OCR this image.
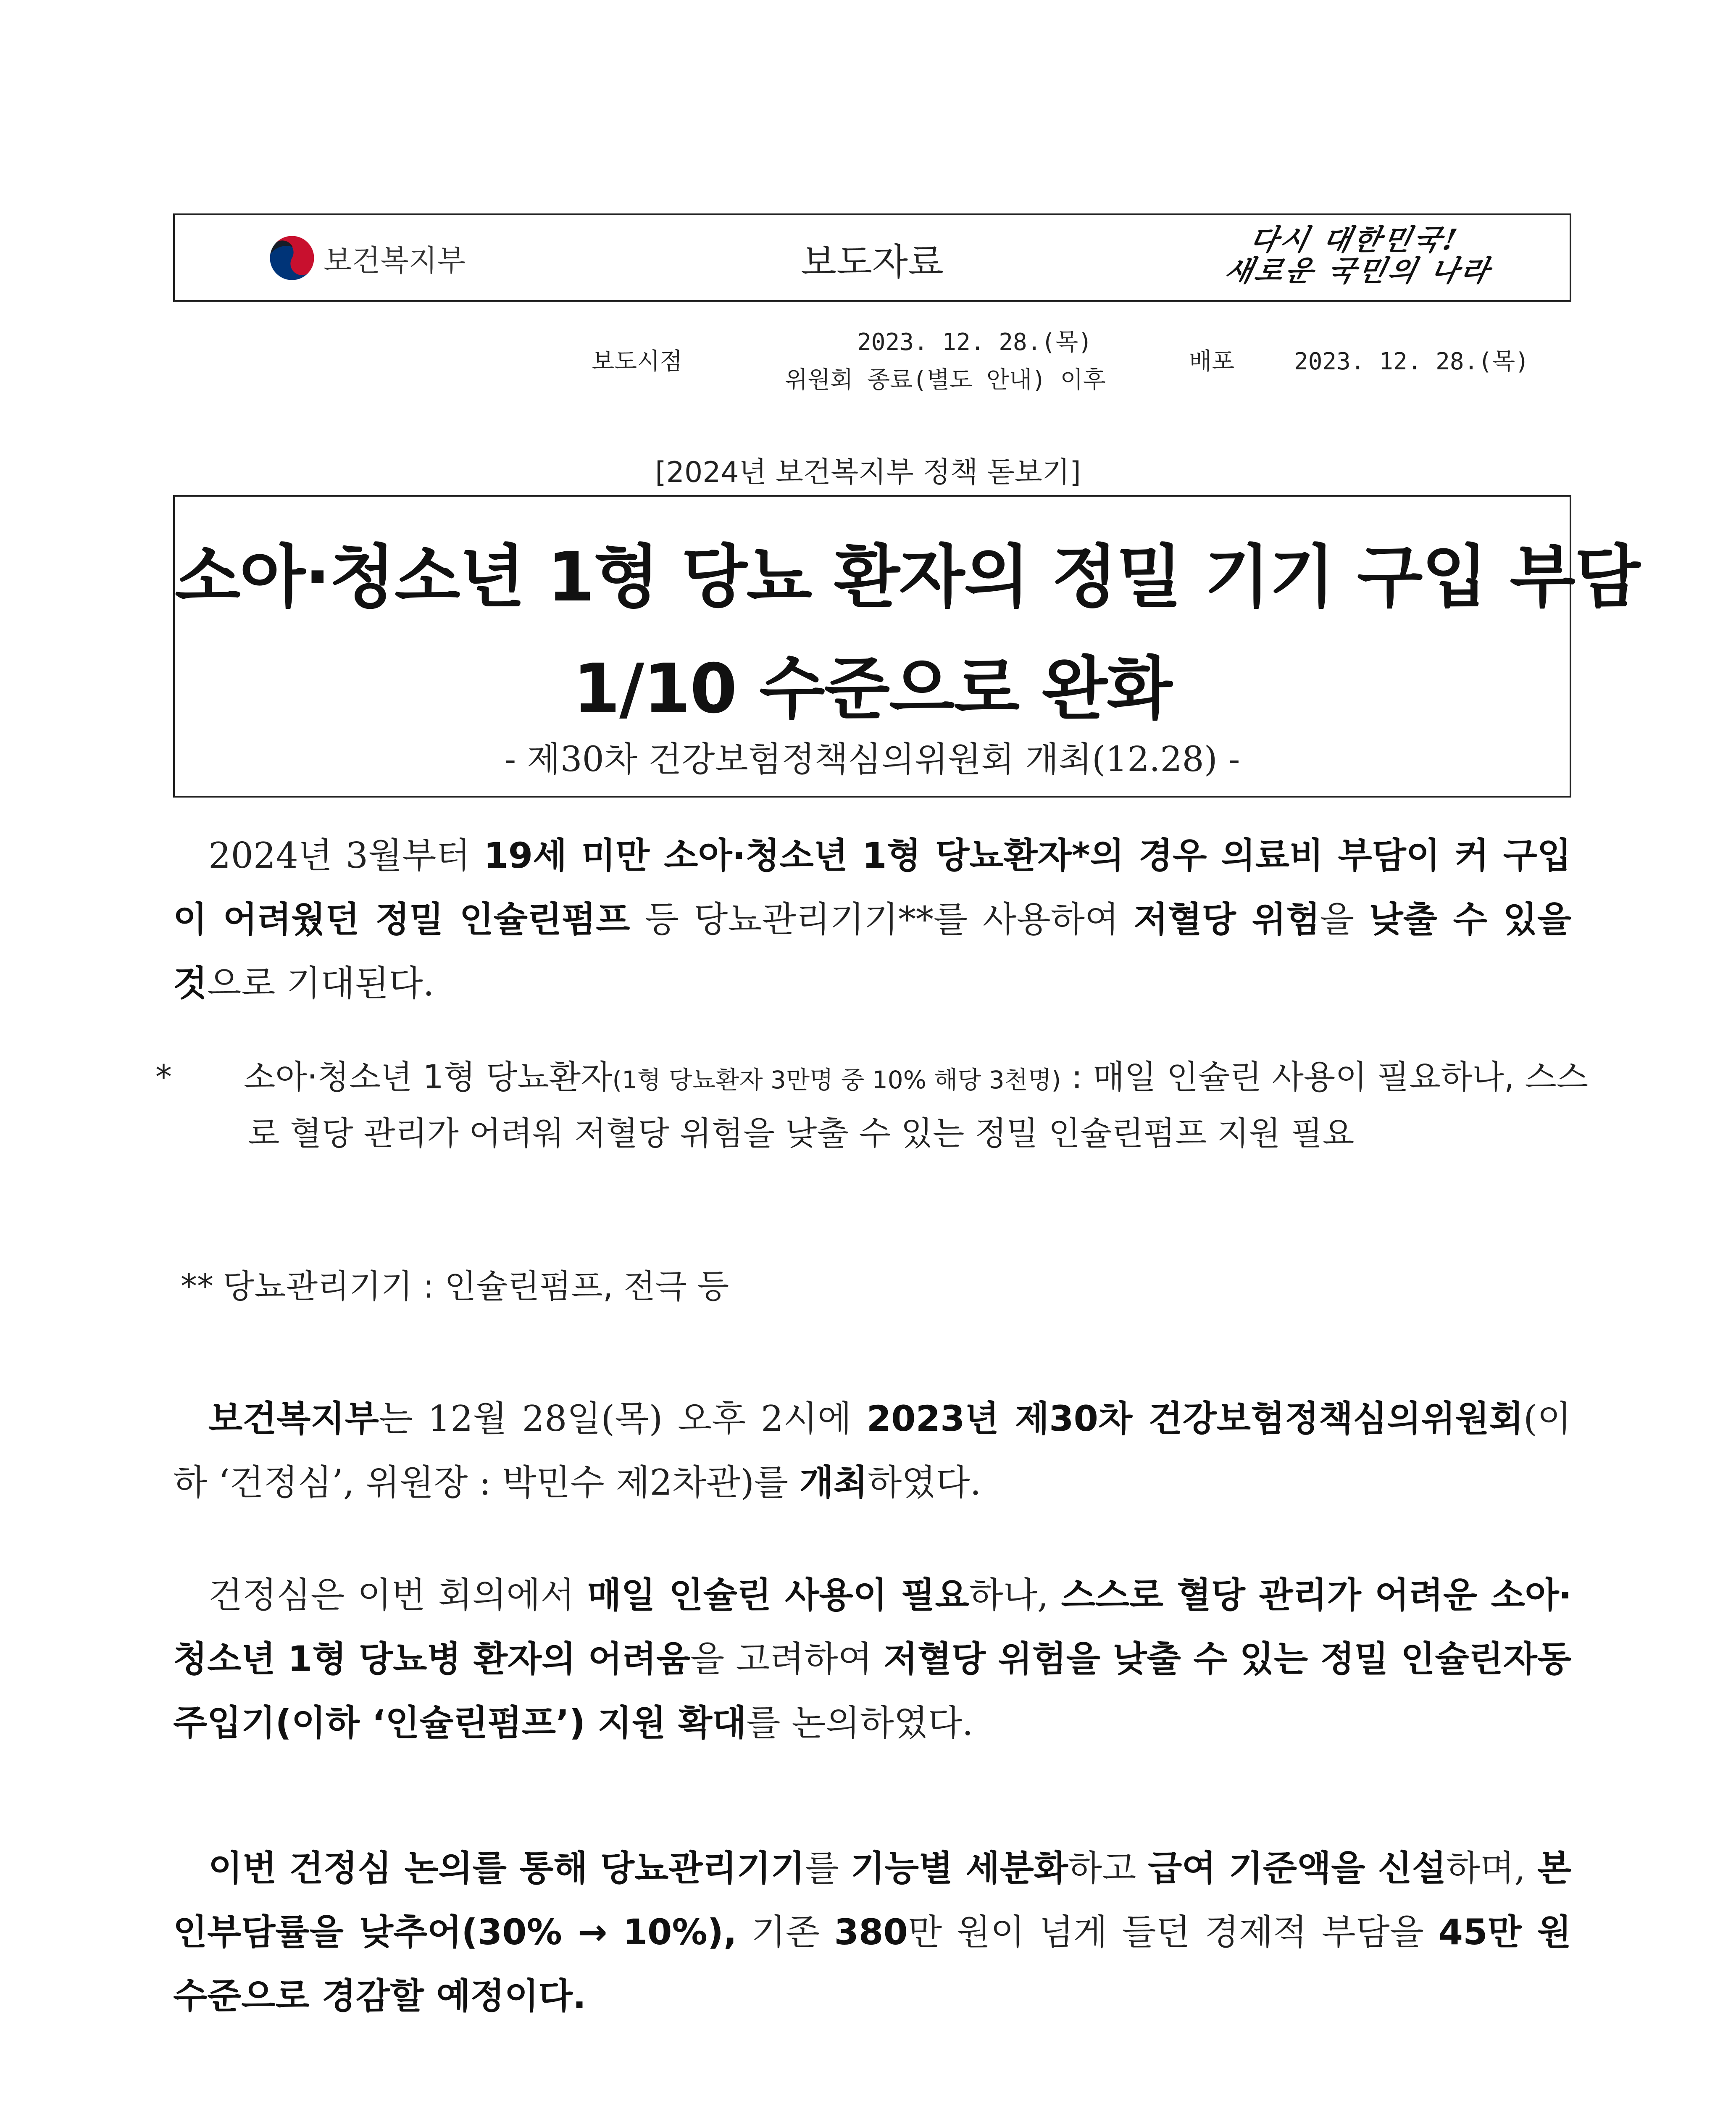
보건복지부	보도자료
다시 대한민국!
새로운 국민의 나라
보도시점
2023. 12. 28.(목)
위원회 종료(별도 안내) 이후
배포	2023. 12. 28.(목)
[2024년 보건복지부 정책 돋보기]
소아·청소년 1형 당뇨 환자의 정밀 기기 구입 부담
1/10 수준으로 완화
- 제30차 건강보험정책심의위원회 개최(12.28) -
2024년 3월부터 19세 미만 소아·청소년 1형 당뇨환자*의 경우 의료비 부담이 커 구입이 어려웠던 정밀 인슐린펌프 등 당뇨관리기기**를 사용하여 저혈당 위험을 낮출 수 있을 것으로 기대된다.
* 소아‧청소년 1형 당뇨환자(1형 당뇨환자 3만명 중 10% 해당 3천명) : 매일 인슐린 사용이 필요하나, 스스로 혈당 관리가 어려워 저혈당 위험을 낮출 수 있는 정밀 인슐린펌프 지원 필요
** 당뇨관리기기 : 인슐린펌프, 전극 등
보건복지부는 12월 28일(목) 오후 2시에 2023년 제30차 건강보험정책심의위원회(이하 ‘건정심’, 위원장 : 박민수 제2차관)를 개최하였다.
건정심은 이번 회의에서 매일 인슐린 사용이 필요하나, 스스로 혈당 관리가 어려운 소아‧청소년 1형 당뇨병 환자의 어려움을 고려하여 저혈당 위험을 낮출 수 있는 정밀 인슐린자동주입기(이하 ‘인슐린펌프’) 지원 확대를 논의하였다.
이번 건정심 논의를 통해 당뇨관리기기를 기능별 세분화하고 급여 기준액을 신설하며, 본인부담률을 낮추어(30% → 10%), 기존 380만 원이 넘게 들던 경제적 부담을 45만 원 수준으로 경감할 예정이다.
